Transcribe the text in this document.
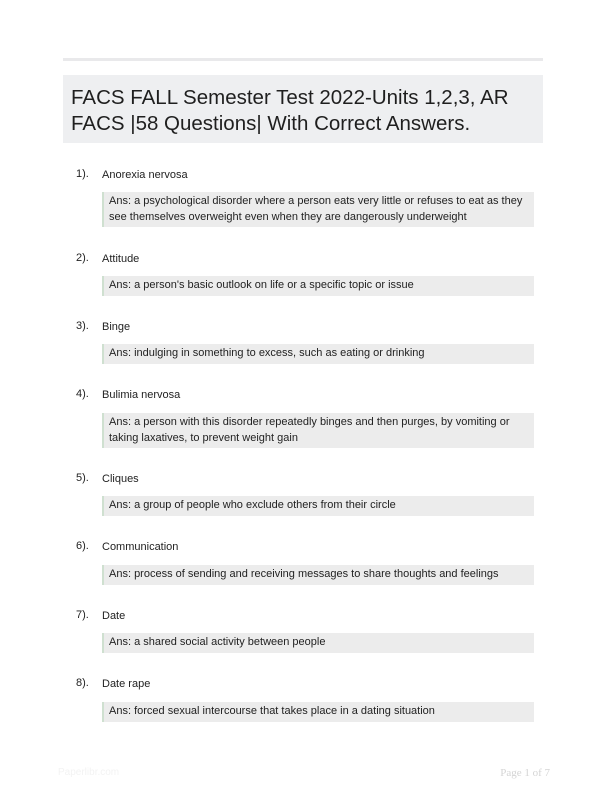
FACS FALL Semester Test 2022-Units 1,2,3, AR FACS |58 Questions| With Correct Answers.
1). Anorexia nervosa
Ans: a psychological disorder where a person eats very little or refuses to eat as they see themselves overweight even when they are dangerously underweight
2). Attitude
Ans: a person's basic outlook on life or a specific topic or issue
3). Binge
Ans: indulging in something to excess, such as eating or drinking
4). Bulimia nervosa
Ans: a person with this disorder repeatedly binges and then purges, by vomiting or taking laxatives, to prevent weight gain
5). Cliques
Ans: a group of people who exclude others from their circle
6). Communication
Ans: process of sending and receiving messages to share thoughts and feelings
7). Date
Ans: a shared social activity between people
8). Date rape
Ans: forced sexual intercourse that takes place in a dating situation
Paperlibr.com	Page 1 of 7
